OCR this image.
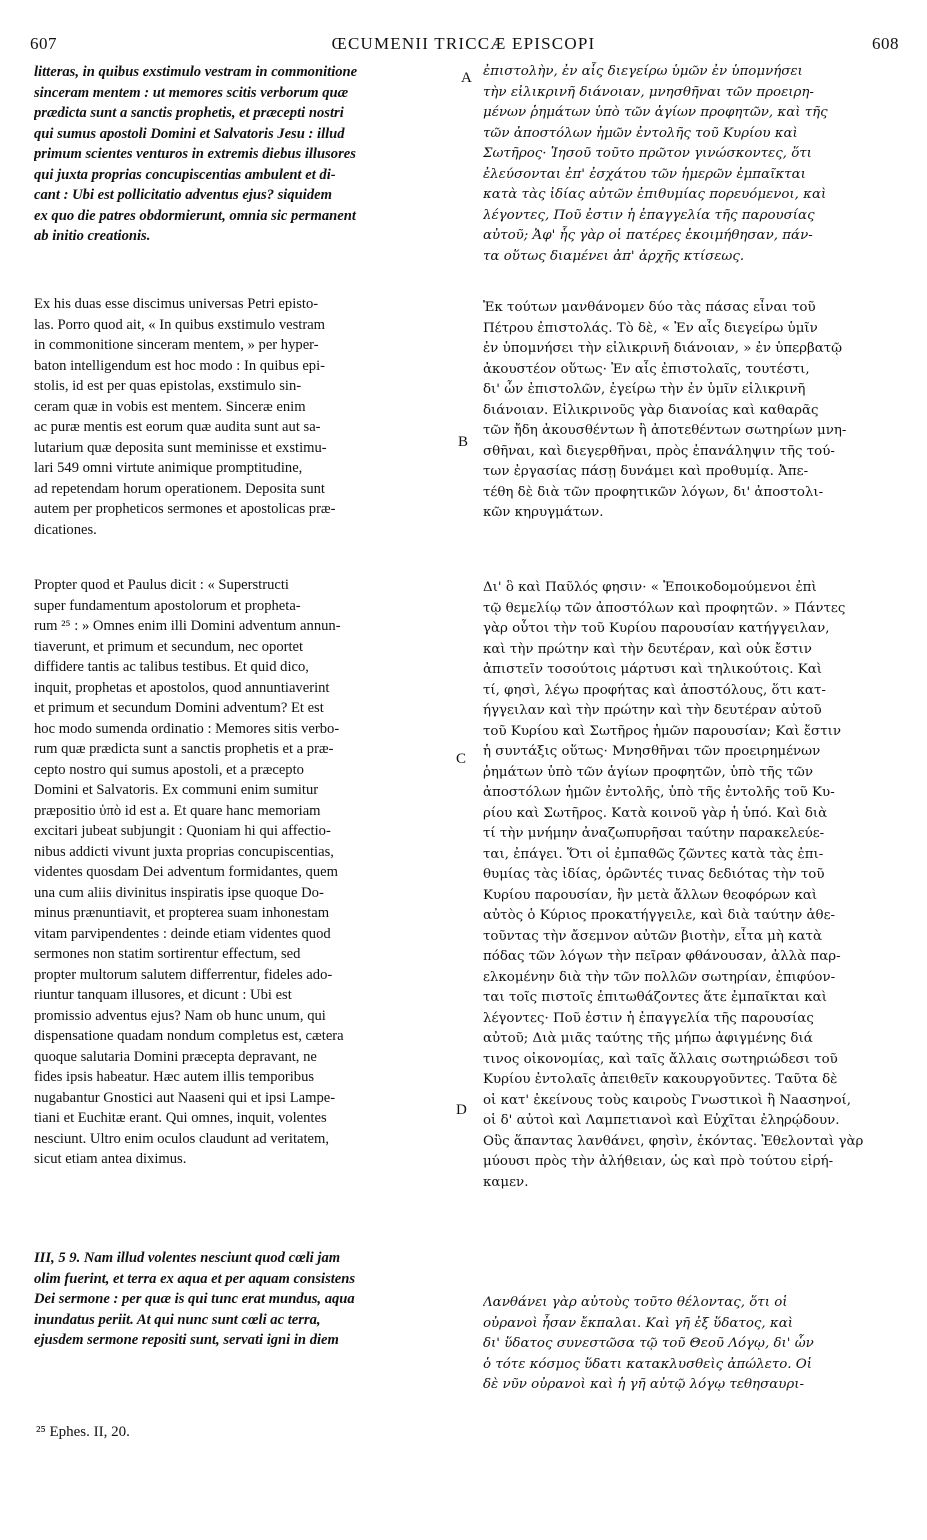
607	ŒCUMENII TRICCÆ EPISCOPI	608
A
B
C
D
litteras, in quibus exstimulo vestram in commonitione
sinceram mentem : ut memores scitis verborum quæ
prædicta sunt a sanctis prophetis, et præcepti nostri
qui sumus apostoli Domini et Salvatoris Jesu : illud
primum scientes venturos in extremis diebus illusores
qui juxta proprias concupiscentias ambulent et di-
cant : Ubi est pollicitatio adventus ejus? siquidem
ex quo die patres obdormierunt, omnia sic permanent
ab initio creationis.
Ex his duas esse discimus universas Petri episto-
las. Porro quod ait, « In quibus exstimulo vestram
in commonitione sinceram mentem, » per hyper-
baton intelligendum est hoc modo : In quibus epi-
stolis, id est per quas epistolas, exstimulo sin-
ceram quæ in vobis est mentem. Sinceræ enim
ac puræ mentis est eorum quæ audita sunt aut sa-
lutarium quæ deposita sunt meminisse et exstimu-
lari 549 omni virtute animique promptitudine,
ad repetendam horum operationem. Deposita sunt
autem per propheticos sermones et apostolicas præ-
dicationes.
Propter quod et Paulus dicit : « Superstructi
super fundamentum apostolorum et propheta-
rum ²⁵ : » Omnes enim illi Domini adventum annun-
tiaverunt, et primum et secundum, nec oportet
diffidere tantis ac talibus testibus. Et quid dico,
inquit, prophetas et apostolos, quod annuntiaverint
et primum et secundum Domini adventum? Et est
hoc modo sumenda ordinatio : Memores sitis verbo-
rum quæ prædicta sunt a sanctis prophetis et a præ-
cepto nostro qui sumus apostoli, et a præcepto
Domini et Salvatoris. Ex communi enim sumitur
præpositio ὑπὸ id est a. Et quare hanc memoriam
excitari jubeat subjungit : Quoniam hi qui affectio-
nibus addicti vivunt juxta proprias concupiscentias,
videntes quosdam Dei adventum formidantes, quem
una cum aliis divinitus inspiratis ipse quoque Do-
minus prænuntiavit, et propterea suam inhonestam
vitam parvipendentes : deinde etiam videntes quod
sermones non statim sortirentur effectum, sed
propter multorum salutem differrentur, fideles ado-
riuntur tanquam illusores, et dicunt : Ubi est
promissio adventus ejus? Nam ob hunc unum, qui
dispensatione quadam nondum completus est, cætera
quoque salutaria Domini præcepta depravant, ne
fides ipsis habeatur. Hæc autem illis temporibus
nugabantur Gnostici aut Naaseni qui et ipsi Lampe-
tiani et Euchitæ erant. Qui omnes, inquit, volentes
nesciunt. Ultro enim oculos claudunt ad veritatem,
sicut etiam antea diximus.
III, 5 9. Nam illud volentes nesciunt quod cœli jam
olim fuerint, et terra ex aqua et per aquam consistens
Dei sermone : per quæ is qui tunc erat mundus, aqua
inundatus periit. At qui nunc sunt cœli ac terra,
ejusdem sermone repositi sunt, servati igni in diem
ἐπιστολὴν, ἐν αἷς διεγείρω ὑμῶν ἐν ὑπομνήσει
τὴν εἰλικρινῆ διάνοιαν, μνησθῆναι τῶν προειρη-
μένων ῥημάτων ὑπὸ τῶν ἁγίων προφητῶν, καὶ τῆς
τῶν ἀποστόλων ἡμῶν ἐντολῆς τοῦ Κυρίου καὶ
Σωτῆρος· Ἰησοῦ τοῦτο πρῶτον γινώσκοντες, ὅτι
ἐλεύσονται ἐπ' ἐσχάτου τῶν ἡμερῶν ἐμπαῖκται
κατὰ τὰς ἰδίας αὐτῶν ἐπιθυμίας πορευόμενοι, καὶ
λέγοντες, Ποῦ ἐστιν ἡ ἐπαγγελία τῆς παρουσίας
αὐτοῦ; Ἀφ' ἧς γὰρ οἱ πατέρες ἐκοιμήθησαν, πάν-
τα οὕτως διαμένει ἀπ' ἀρχῆς κτίσεως.
Ἐκ τούτων μανθάνομεν δύο τὰς πάσας εἶναι τοῦ
Πέτρου ἐπιστολάς. Τὸ δὲ, « Ἐν αἷς διεγείρω ὑμῖν
ἐν ὑπομνήσει τὴν εἰλικρινῆ διάνοιαν, » ἐν ὑπερβατῷ
ἀκουστέον οὕτως· Ἐν αἷς ἐπιστολαῖς, τουτέστι,
δι' ὧν ἐπιστολῶν, ἐγείρω τὴν ἐν ὑμῖν εἰλικρινῆ
διάνοιαν. Εἰλικρινοῦς γὰρ διανοίας καὶ καθαρᾶς
τῶν ἤδη ἀκουσθέντων ἢ ἀποτεθέντων σωτηρίων μνη-
σθῆναι, καὶ διεγερθῆναι, πρὸς ἐπανάληψιν τῆς τού-
των ἐργασίας πάσῃ δυνάμει καὶ προθυμίᾳ. Ἀπε-
τέθη δὲ διὰ τῶν προφητικῶν λόγων, δι' ἀποστολι-
κῶν κηρυγμάτων.
Δι' ὃ καὶ Παῦλός φησιν· « Ἐποικοδομούμενοι ἐπὶ
τῷ θεμελίῳ τῶν ἀποστόλων καὶ προφητῶν. » Πάντες
γὰρ οὗτοι τὴν τοῦ Κυρίου παρουσίαν κατήγγειλαν,
καὶ τὴν πρώτην καὶ τὴν δευτέραν, καὶ οὐκ ἔστιν
ἀπιστεῖν τοσούτοις μάρτυσι καὶ τηλικούτοις. Καὶ
τί, φησὶ, λέγω προφήτας καὶ ἀποστόλους, ὅτι κατ-
ήγγειλαν καὶ τὴν πρώτην καὶ τὴν δευτέραν αὐτοῦ
τοῦ Κυρίου καὶ Σωτῆρος ἡμῶν παρουσίαν; Καὶ ἔστιν
ἡ συντάξις οὕτως· Μνησθῆναι τῶν προειρημένων
ῥημάτων ὑπὸ τῶν ἁγίων προφητῶν, ὑπὸ τῆς τῶν
ἀποστόλων ἡμῶν ἐντολῆς, ὑπὸ τῆς ἐντολῆς τοῦ Κυ-
ρίου καὶ Σωτῆρος. Κατὰ κοινοῦ γὰρ ἡ ὑπό. Καὶ διὰ
τί τὴν μνήμην ἀναζωπυρῆσαι ταύτην παρακελεύε-
ται, ἐπάγει. Ὅτι οἱ ἐμπαθῶς ζῶντες κατὰ τὰς ἐπι-
θυμίας τὰς ἰδίας, ὁρῶντές τινας δεδιότας τὴν τοῦ
Κυρίου παρουσίαν, ἣν μετὰ ἄλλων θεοφόρων καὶ
αὐτὸς ὁ Κύριος προκατήγγειλε, καὶ διὰ ταύτην ἀθε-
τοῦντας τὴν ἄσεμνον αὐτῶν βιοτὴν, εἶτα μὴ κατὰ
πόδας τῶν λόγων τὴν πεῖραν φθάνουσαν, ἀλλὰ παρ-
ελκομένην διὰ τὴν τῶν πολλῶν σωτηρίαν, ἐπιφύον-
ται τοῖς πιστοῖς ἐπιτωθάζοντες ἅτε ἐμπαῖκται καὶ
λέγοντες· Ποῦ ἐστιν ἡ ἐπαγγελία τῆς παρουσίας
αὐτοῦ; Διὰ μιᾶς ταύτης τῆς μήπω ἀφιγμένης διά
τινος οἰκονομίας, καὶ ταῖς ἄλλαις σωτηριώδεσι τοῦ
Κυρίου ἐντολαῖς ἀπειθεῖν κακουργοῦντες. Ταῦτα δὲ
οἱ κατ' ἐκείνους τοὺς καιροὺς Γνωστικοὶ ἢ Νaασηνοί,
οἱ δ' αὐτοὶ καὶ Λαμπετιανοὶ καὶ Εὐχῖται ἐληρῴδουν.
Οὓς ἅπαντας λανθάνει, φησὶν, ἑκόντας. Ἐθελονταὶ γὰρ
μύουσι πρὸς τὴν ἀλήθειαν, ὡς καὶ πρὸ τούτου εἰρή-
καμεν.
Λανθάνει γὰρ αὐτοὺς τοῦτο θέλοντας, ὅτι οἱ
οὐρανοὶ ἦσαν ἔκπαλαι. Καὶ γῆ ἐξ ὕδατος, καὶ
δι' ὕδατος συνεστῶσα τῷ τοῦ Θεοῦ Λόγῳ, δι' ὧν
ὁ τότε κόσμος ὕδατι κατακλυσθεὶς ἀπώλετο. Οἱ
δὲ νῦν οὐρανοὶ καὶ ἡ γῆ αὐτῷ λόγῳ τεθησαυρι-
²⁵ Ephes. II, 20.
